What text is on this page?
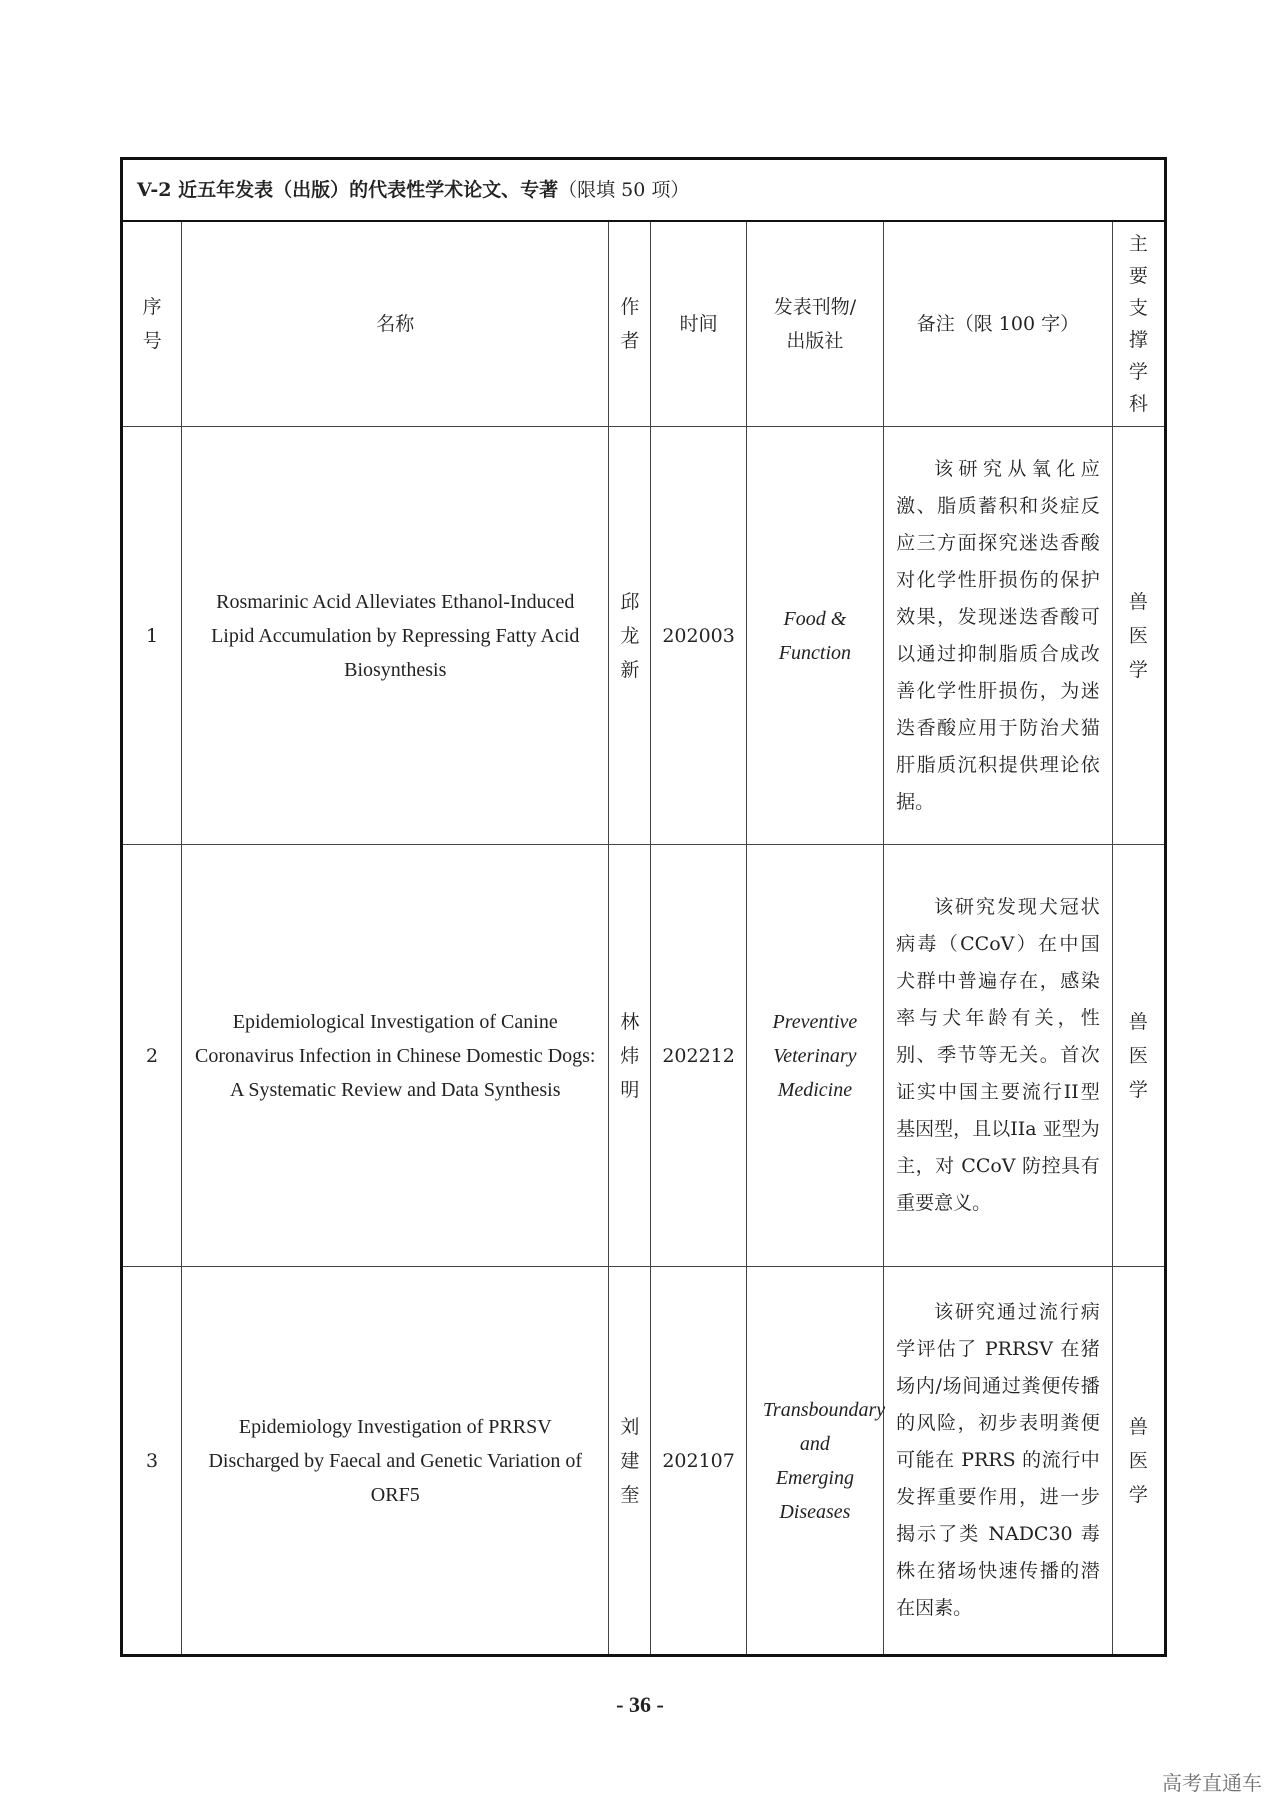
V-2 近五年发表（出版）的代表性学术论文、专著（限填 50 项）						
序号	名称	作者	时间	发表刊物/出版社	备注（限 100 字）	主要支撑学科
1	Rosmarinic Acid Alleviates Ethanol-Induced Lipid Accumulation by Repressing Fatty Acid Biosynthesis	邱龙新	202003	Food & Function	该研究从氧化应激、脂质蓄积和炎症反应三方面探究迷迭香酸对化学性肝损伤的保护效果，发现迷迭香酸可以通过抑制脂质合成改善化学性肝损伤，为迷迭香酸应用于防治犬猫肝脂质沉积提供理论依据。	兽医学
2	Epidemiological Investigation of Canine Coronavirus Infection in Chinese Domestic Dogs: A Systematic Review and Data Synthesis	林炜明	202212	Preventive Veterinary Medicine	该研究发现犬冠状病毒（CCoV）在中国犬群中普遍存在，感染率与犬年龄有关，性别、季节等无关。首次证实中国主要流行II型基因型，且以IIa 亚型为主，对 CCoV 防控具有重要意义。	兽医学
3	Epidemiology Investigation of PRRSV Discharged by Faecal and Genetic Variation of ORF5	刘建奎	202107	Transboundary and Emerging Diseases	该研究通过流行病学评估了 PRRSV 在猪场内/场间通过粪便传播的风险，初步表明粪便可能在 PRRS 的流行中发挥重要作用，进一步揭示了类 NADC30 毒株在猪场快速传播的潜在因素。	兽医学
- 36 -
高考直通车
